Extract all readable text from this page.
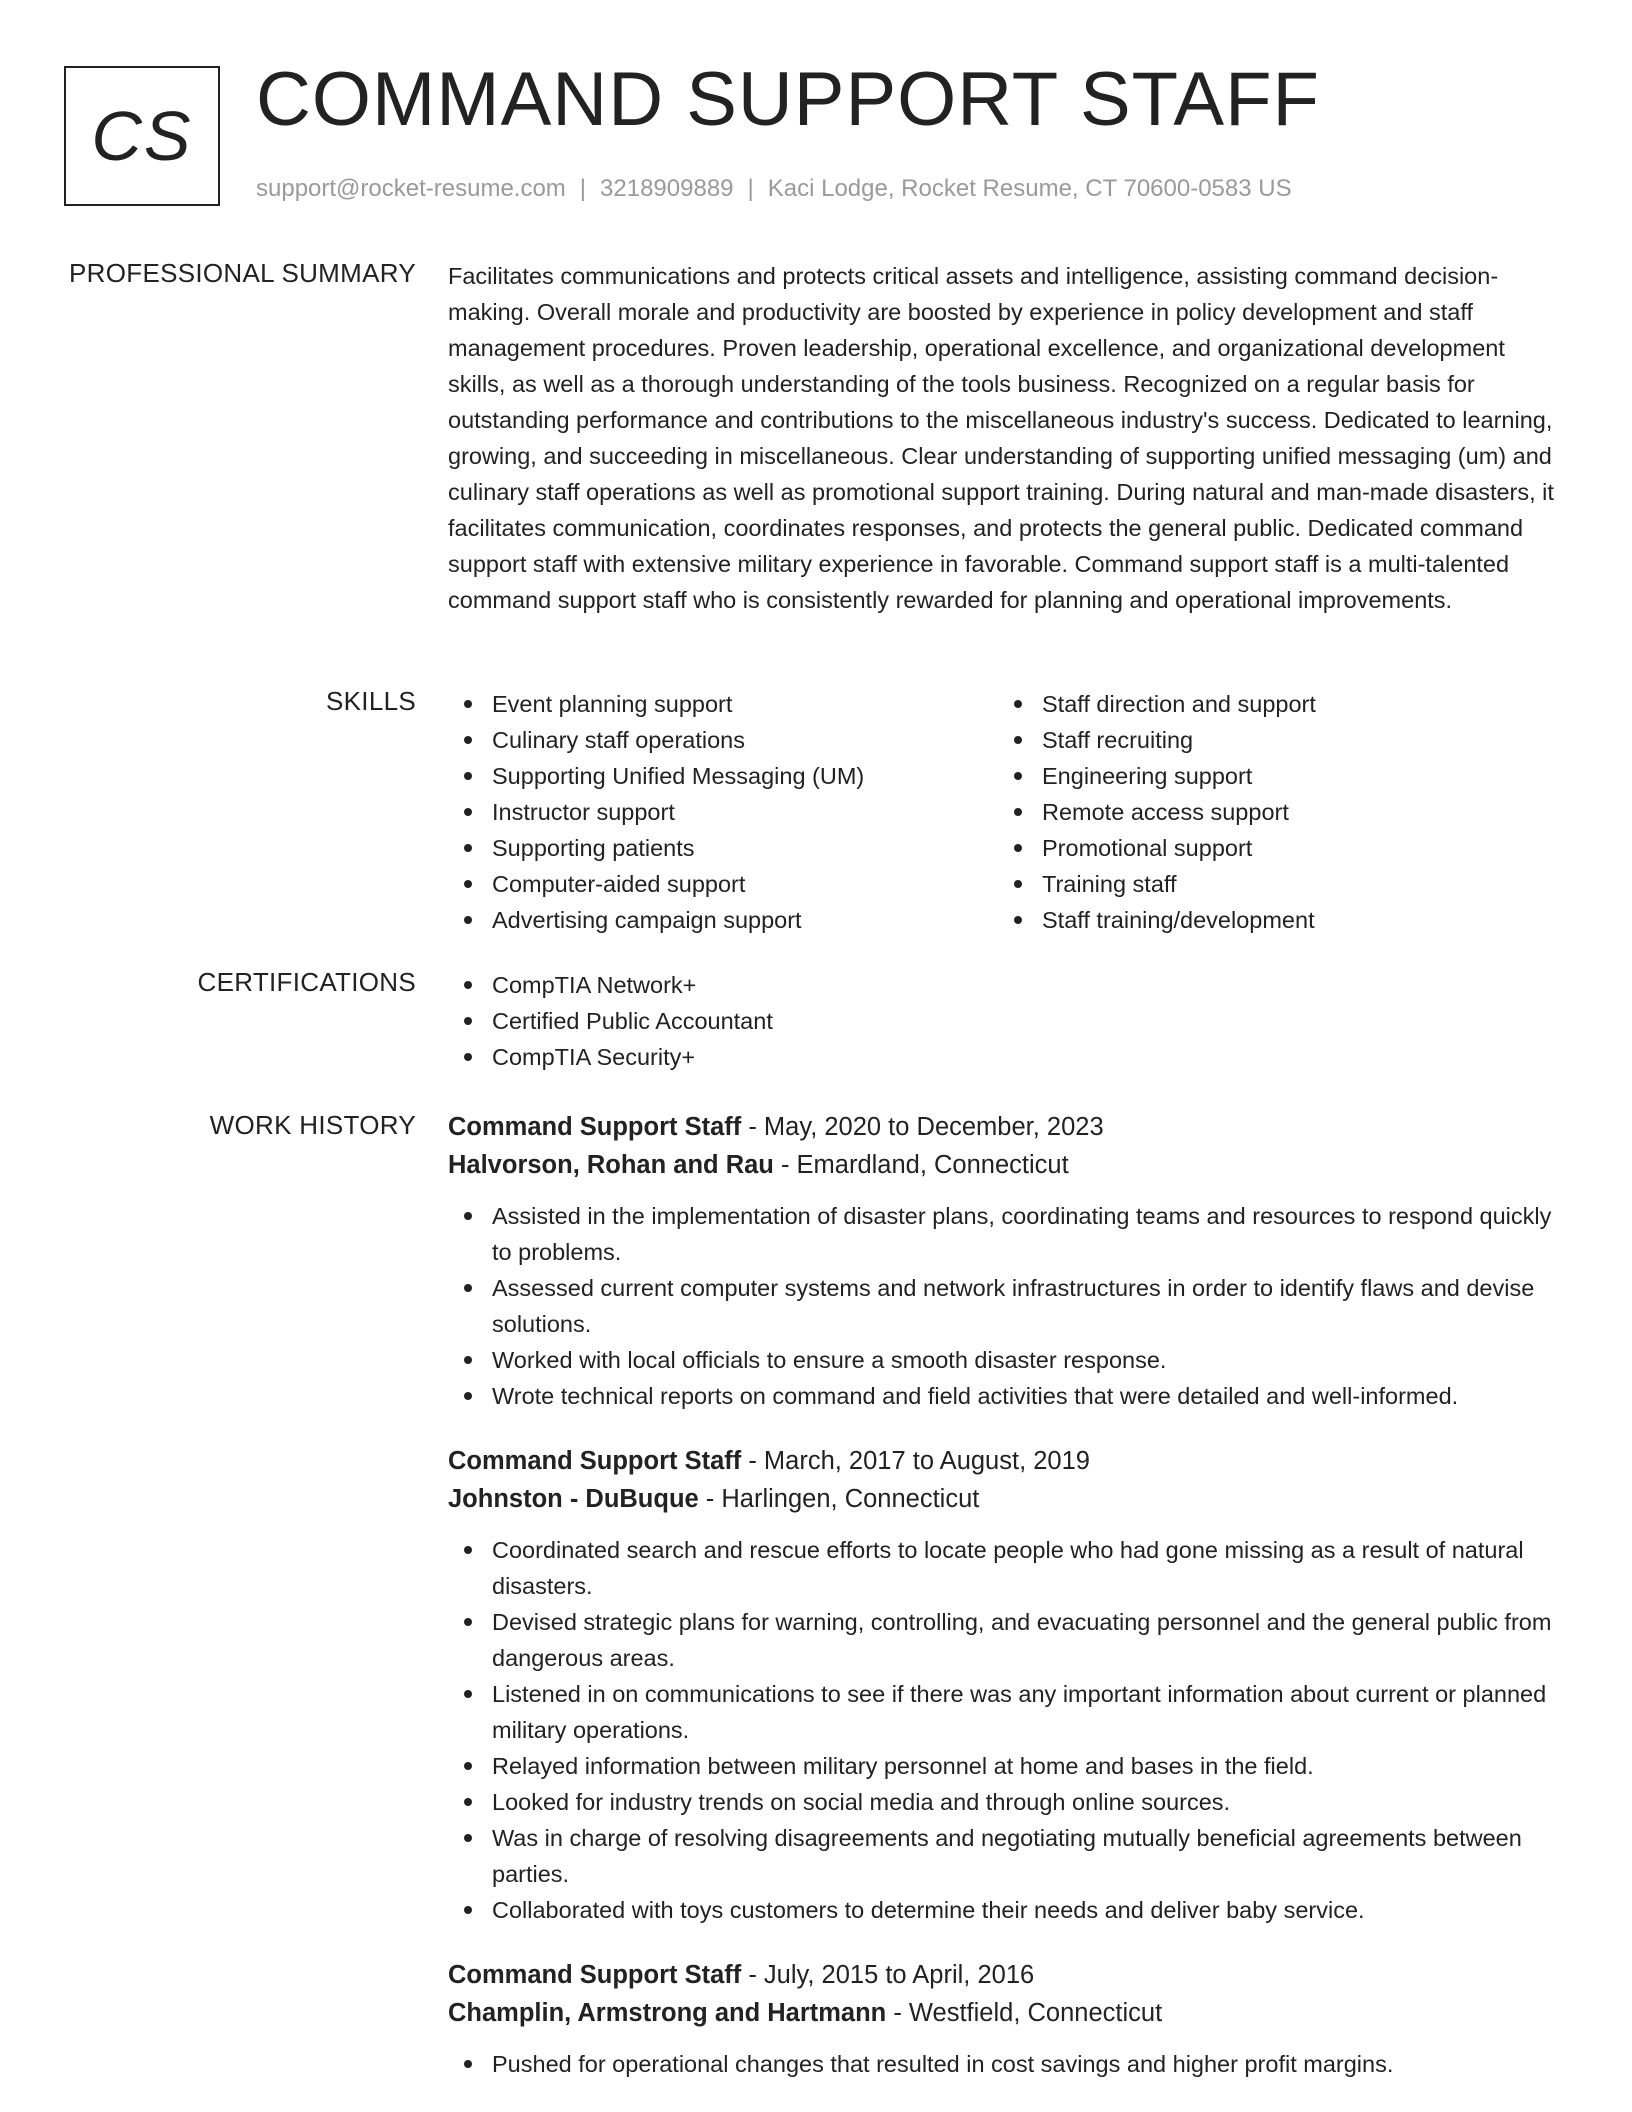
CS COMMAND SUPPORT STAFF
support@rocket-resume.com | 3218909889 | Kaci Lodge, Rocket Resume, CT 70600-0583 US
PROFESSIONAL SUMMARY Facilitates communications and protects critical assets and intelligence, assisting command decision-making. Overall morale and productivity are boosted by experience in policy development and staff management procedures. Proven leadership, operational excellence, and organizational development skills, as well as a thorough understanding of the tools business. Recognized on a regular basis for outstanding performance and contributions to the miscellaneous industry's success. Dedicated to learning, growing, and succeeding in miscellaneous. Clear understanding of supporting unified messaging (um) and culinary staff operations as well as promotional support training. During natural and man-made disasters, it facilitates communication, coordinates responses, and protects the general public. Dedicated command support staff with extensive military experience in favorable. Command support staff is a multi-talented command support staff who is consistently rewarded for planning and operational improvements.

SKILLS	Event planning support
Culinary staff operations
Supporting Unified Messaging (UM)
Instructor support
Supporting patients
Computer-aided support
Advertising campaign support
Staff direction and support
Staff recruiting
Engineering support
Remote access support
Promotional support
Training staff
Staff training/development
CERTIFICATIONS	CompTIA Network+
Certified Public Accountant
CompTIA Security+
WORK HISTORY Command Support Staff - May, 2020 to December, 2023
Halvorson, Rohan and Rau - Emardland, Connecticut
Assisted in the implementation of disaster plans, coordinating teams and resources to respond quickly to problems.
Assessed current computer systems and network infrastructures in order to identify flaws and devise solutions.
Worked with local officials to ensure a smooth disaster response.
Wrote technical reports on command and field activities that were detailed and well-informed.
Command Support Staff - March, 2017 to August, 2019
Johnston - DuBuque - Harlingen, Connecticut
Coordinated search and rescue efforts to locate people who had gone missing as a result of natural disasters.
Devised strategic plans for warning, controlling, and evacuating personnel and the general public from dangerous areas.
Listened in on communications to see if there was any important information about current or planned military operations.
Relayed information between military personnel at home and bases in the field.
Looked for industry trends on social media and through online sources.
Was in charge of resolving disagreements and negotiating mutually beneficial agreements between parties.
Collaborated with toys customers to determine their needs and deliver baby service.
Command Support Staff - July, 2015 to April, 2016
Champlin, Armstrong and Hartmann - Westfield, Connecticut
Pushed for operational changes that resulted in cost savings and higher profit margins.
